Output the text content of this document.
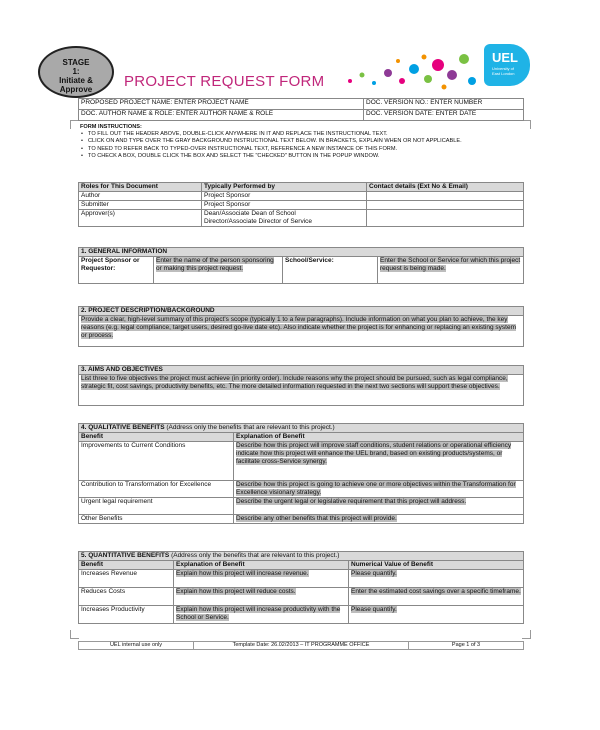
STAGE
1:
Initiate &
Approve	PROJECT REQUEST FORM
UEL
University of
East London
PROPOSED PROJECT NAME: ENTER PROJECT NAME	DOC. VERSION NO.: ENTER NUMBER
DOC. AUTHOR NAME & ROLE: ENTER AUTHOR NAME & ROLE	DOC. VERSION DATE: ENTER DATE
FORM INSTRUCTIONS:
• TO FILL OUT THE HEADER ABOVE, DOUBLE-CLICK ANYWHERE IN IT AND REPLACE THE INSTRUCTIONAL TEXT.
• CLICK ON AND TYPE OVER THE GRAY BACKGROUND INSTRUCTIONAL TEXT BELOW. IN BRACKETS, EXPLAIN WHEN OR NOT APPLICABLE.
• TO NEED TO REFER BACK TO TYPED-OVER INSTRUCTIONAL TEXT, REFERENCE A NEW INSTANCE OF THIS FORM.
• TO CHECK A BOX, DOUBLE CLICK THE BOX AND SELECT THE "CHECKED" BUTTON IN THE POPUP WINDOW.
Roles for This Document	Typically Performed by	Contact details (Ext No & Email)
Author	Project Sponsor	
Submitter	Project Sponsor	
Approver(s)	Dean/Associate Dean of School
Director/Associate Director of Service	
1. GENERAL INFORMATION
Project Sponsor or Requestor:	Enter the name of the person sponsoring or making this project request.	School/Service:	Enter the School or Service for which this project request is being made.
2. PROJECT DESCRIPTION/BACKGROUND
Provide a clear, high-level summary of this project's scope (typically 1 to a few paragraphs). Include information on what you plan to achieve, the key reasons (e.g. legal compliance, target users, desired go-live date etc). Also indicate whether the project is for enhancing or replacing an existing system or process.
3. AIMS AND OBJECTIVES
List three to five objectives the project must achieve (in priority order). Include reasons why the project should be pursued, such as legal compliance, strategic fit, cost savings, productivity benefits, etc. The more detailed information requested in the next two sections will support these objectives.
4. QUALITATIVE BENEFITS (Address only the benefits that are relevant to this project.)	
Benefit	Explanation of Benefit
Improvements to Current Conditions	Describe how this project will improve staff conditions, student relations or operational efficiency indicate how this project will enhance the UEL brand, based on existing products/systems, or facilitate cross-Service synergy.
Contribution to Transformation for Excellence	Describe how this project is going to achieve one or more objectives within the Transformation for Excellence visionary strategy.
Urgent legal requirement	Describe the urgent legal or legislative requirement that this project will address.
Other Benefits	Describe any other benefits that this project will provide.
5. QUANTITATIVE BENEFITS (Address only the benefits that are relevant to this project.)		
Benefit	Explanation of Benefit	Numerical Value of Benefit
Increases Revenue	Explain how this project will increase revenue.	Please quantify.
Reduces Costs	Explain how this project will reduce costs.	Enter the estimated cost savings over a specific timeframe.
Increases Productivity	Explain how this project will increase productivity with the School or Service.	Please quantify.
UEL internal use only	Template Date: 26.02/2013 – IT PROGRAMME OFFICE	Page 1 of 3
